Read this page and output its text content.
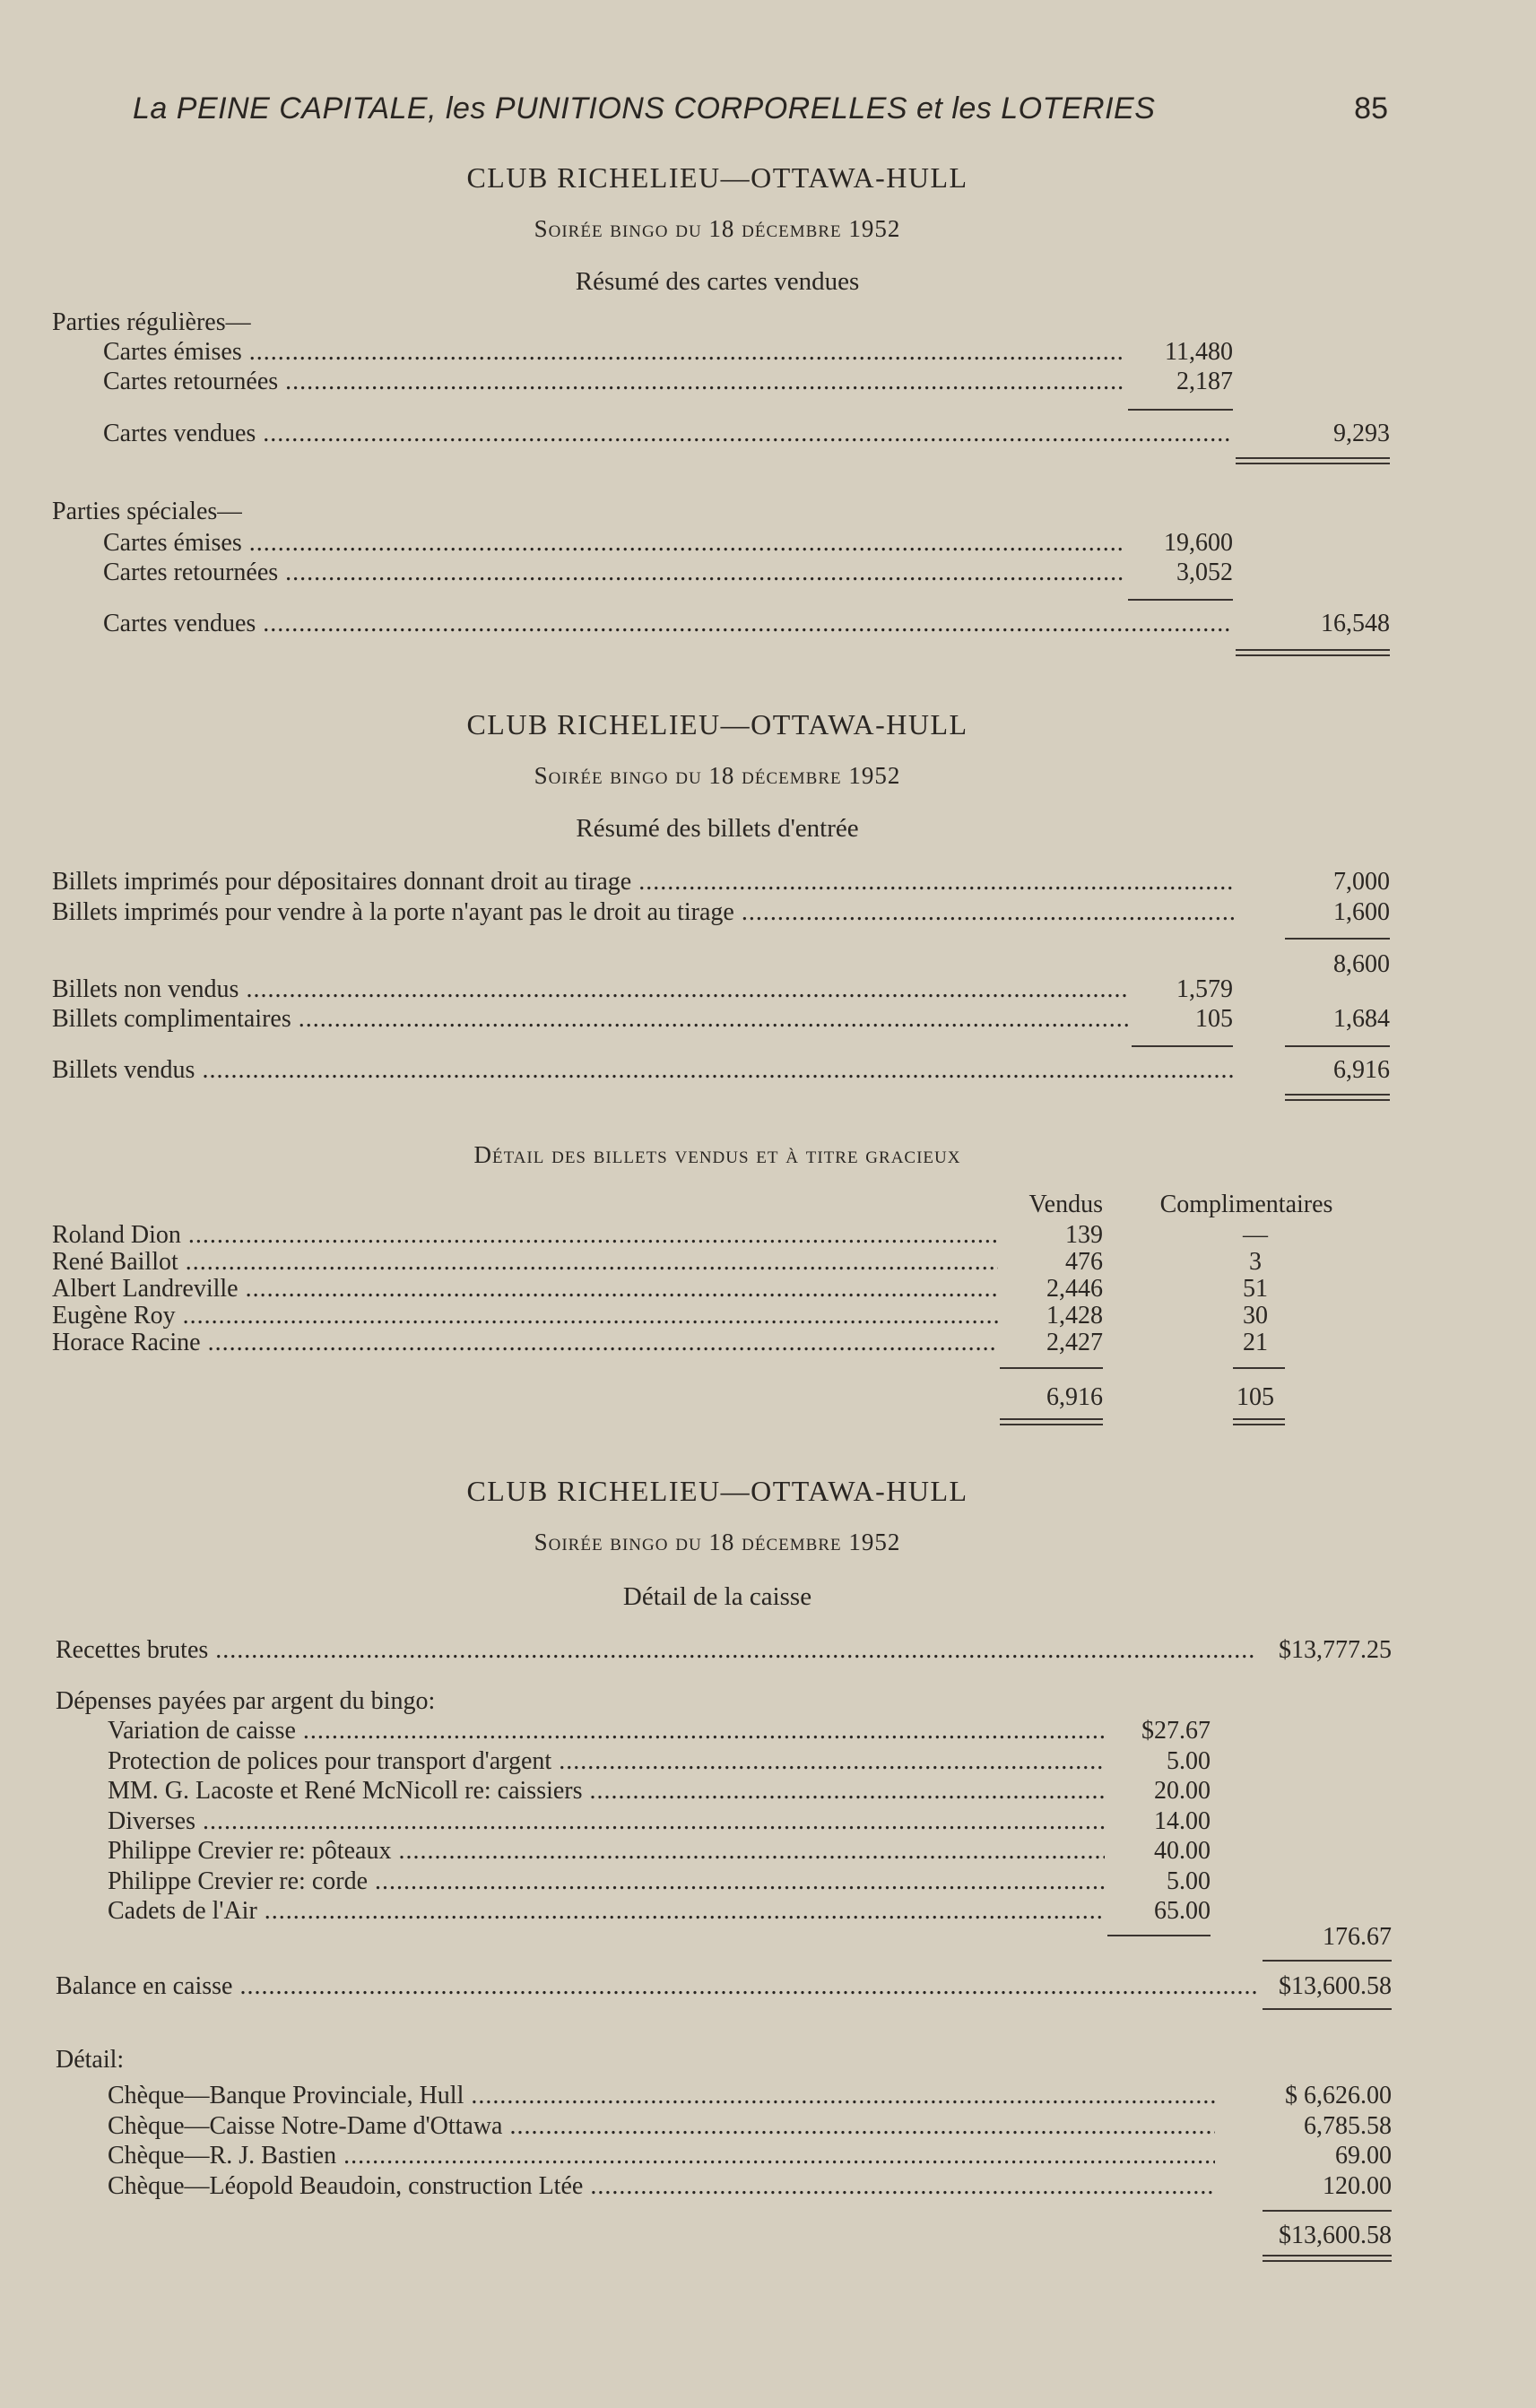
La PEINE CAPITALE, les PUNITIONS CORPORELLES et les LOTERIES	85
CLUB RICHELIEU—OTTAWA-HULL
Soirée bingo du 18 décembre 1952
Résumé des cartes vendues
Parties régulières—
Cartes émises .....	11,480
Cartes retournées .....	2,187
Cartes vendues .....	9,293
Parties spéciales—
Cartes émises .....	19,600
Cartes retournées .....	3,052
Cartes vendues .....	16,548
CLUB RICHELIEU—OTTAWA-HULL
Soirée bingo du 18 décembre 1952
Résumé des billets d'entrée
Billets imprimés pour dépositaires donnant droit au tirage .....	7,000
Billets imprimés pour vendre à la porte n'ayant pas le droit au tirage .....	1,600
8,600
Billets non vendus .....	1,579
Billets complimentaires .....	105	1,684
Billets vendus .....	6,916
Détail des billets vendus et à titre gracieux
Vendus	Complimentaires
Roland Dion .....	139	—
René Baillot .....	476	3
Albert Landreville .....	2,446	51
Eugène Roy .....	1,428	30
Horace Racine .....	2,427	21
6,916	105
CLUB RICHELIEU—OTTAWA-HULL
Soirée bingo du 18 décembre 1952
Détail de la caisse
Recettes brutes .....	$13,777.25
Dépenses payées par argent du bingo:
Variation de caisse .....	$27.67
Protection de polices pour transport d'argent .....	5.00
MM. G. Lacoste et René McNicoll re: caissiers .....	20.00
Diverses .....	14.00
Philippe Crevier re: pôteaux .....	40.00
Philippe Crevier re: corde .....	5.00
Cadets de l'Air .....	65.00
176.67
Balance en caisse .....	$13,600.58
Détail:
Chèque—Banque Provinciale, Hull .....	$ 6,626.00
Chèque—Caisse Notre-Dame d'Ottawa .....	6,785.58
Chèque—R. J. Bastien .....	69.00
Chèque—Léopold Beaudoin, construction Ltée .....	120.00
$13,600.58
